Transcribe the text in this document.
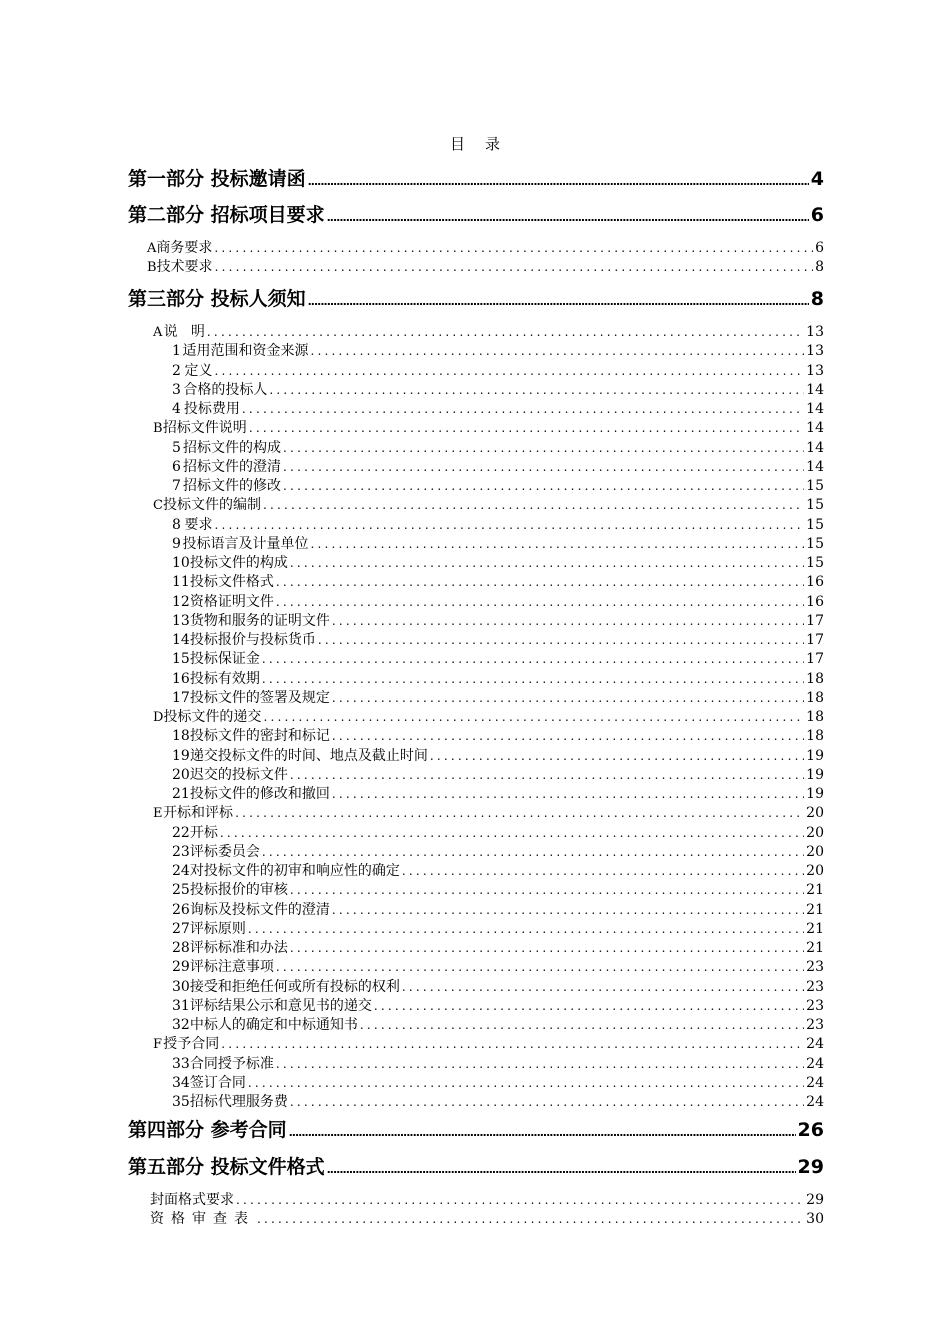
目录
第一部分 投标邀请函 .....	4
第二部分 招标项目要求 .....	6
A 商务要求 .....	6
B 技术要求 .....	8
第三部分 投标人须知 .....	8
A 说   明 .....	13
1 适用范围和资金来源 .....	13
2 定义 .....	13
3 合格的投标人 .....	14
4 投标费用 .....	14
B 招标文件说明 .....	14
5 招标文件的构成 .....	14
6 招标文件的澄清 .....	14
7 招标文件的修改 .....	15
C 投标文件的编制 .....	15
8 要求 .....	15
9 投标语言及计量单位 .....	15
10 投标文件的构成 .....	15
11 投标文件格式 .....	16
12 资格证明文件 .....	16
13 货物和服务的证明文件 .....	17
14 投标报价与投标货币 .....	17
15 投标保证金 .....	17
16 投标有效期 .....	18
17 投标文件的签署及规定 .....	18
D 投标文件的递交 .....	18
18 投标文件的密封和标记 .....	18
19 递交投标文件的时间、地点及截止时间 .....	19
20 迟交的投标文件 .....	19
21 投标文件的修改和撤回 .....	19
E 开标和评标 .....	20
22 开标 .....	20
23 评标委员会 .....	20
24 对投标文件的初审和响应性的确定 .....	20
25 投标报价的审核 .....	21
26 询标及投标文件的澄清 .....	21
27 评标原则 .....	21
28 评标标准和办法 .....	21
29 评标注意事项 .....	23
30 接受和拒绝任何或所有投标的权利 .....	23
31 评标结果公示和意见书的递交 .....	23
32 中标人的确定和中标通知书 .....	23
F 授予合同 .....	24
33 合同授予标准 .....	24
34 签订合同 .....	24
35 招标代理服务费 .....	24
第四部分 参考合同 .....	26
第五部分 投标文件格式 .....	29
封面格式要求 .....	29
资格审查表 .....	30
